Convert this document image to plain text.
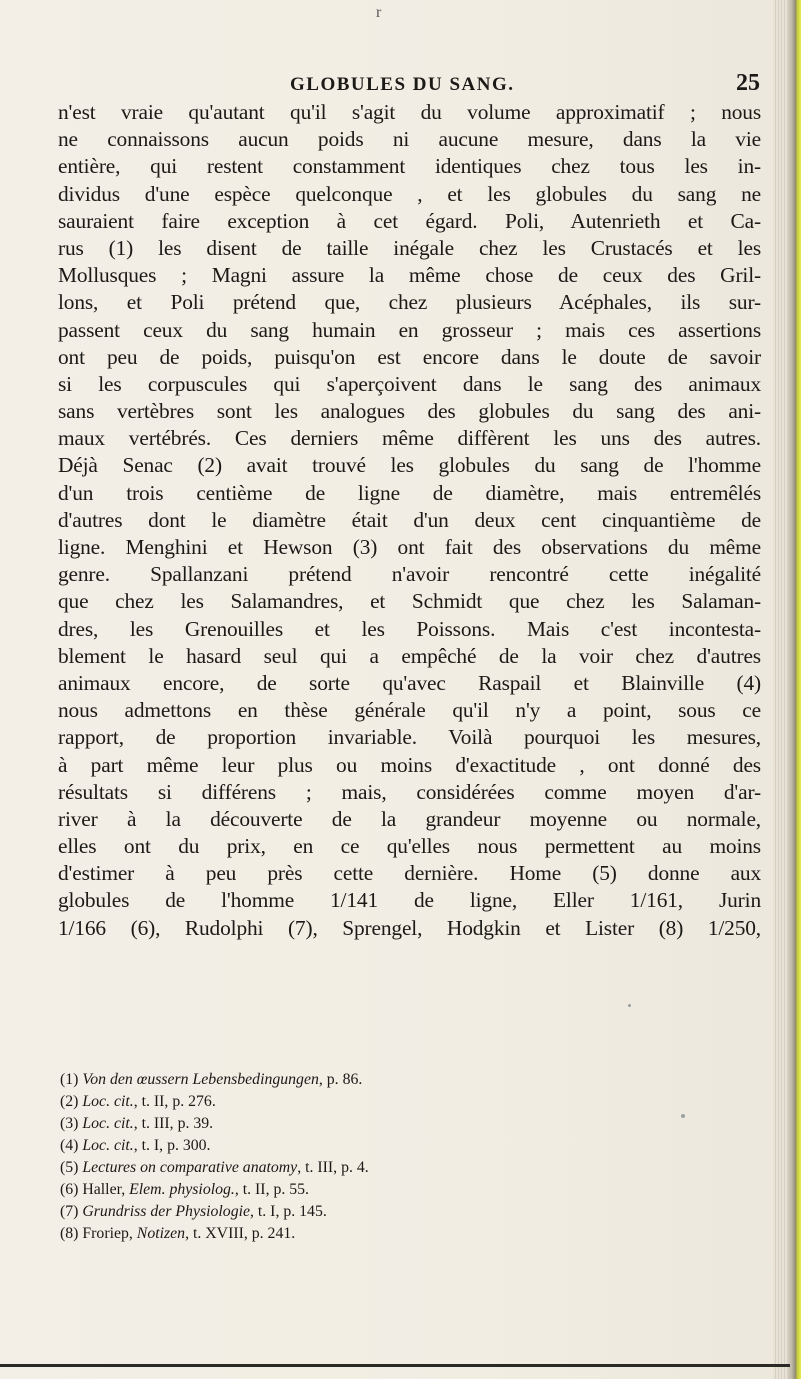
r
GLOBULES DU SANG.	25
n'est vraie qu'autant qu'il s'agit du volume approximatif ; nous
ne connaissons aucun poids ni aucune mesure, dans la vie
entière, qui restent constamment identiques chez tous les in-
dividus d'une espèce quelconque , et les globules du sang ne
sauraient faire exception à cet égard. Poli, Autenrieth et Ca-
rus (1) les disent de taille inégale chez les Crustacés et les
Mollusques ; Magni assure la même chose de ceux des Gril-
lons, et Poli prétend que, chez plusieurs Acéphales, ils sur-
passent ceux du sang humain en grosseur ; mais ces assertions
ont peu de poids, puisqu'on est encore dans le doute de savoir
si les corpuscules qui s'aperçoivent dans le sang des animaux
sans vertèbres sont les analogues des globules du sang des ani-
maux vertébrés. Ces derniers même diffèrent les uns des autres.
Déjà Senac (2) avait trouvé les globules du sang de l'homme
d'un trois centième de ligne de diamètre, mais entremêlés
d'autres dont le diamètre était d'un deux cent cinquantième de
ligne. Menghini et Hewson (3) ont fait des observations du même
genre. Spallanzani prétend n'avoir rencontré cette inégalité
que chez les Salamandres, et Schmidt que chez les Salaman-
dres, les Grenouilles et les Poissons. Mais c'est incontesta-
blement le hasard seul qui a empêché de la voir chez d'autres
animaux encore, de sorte qu'avec Raspail et Blainville (4)
nous admettons en thèse générale qu'il n'y a point, sous ce
rapport, de proportion invariable. Voilà pourquoi les mesures,
à part même leur plus ou moins d'exactitude , ont donné des
résultats si différens ; mais, considérées comme moyen d'ar-
river à la découverte de la grandeur moyenne ou normale,
elles ont du prix, en ce qu'elles nous permettent au moins
d'estimer à peu près cette dernière. Home (5) donne aux
globules de l'homme 1/141 de ligne, Eller 1/161, Jurin
1/166 (6), Rudolphi (7), Sprengel, Hodgkin et Lister (8) 1/250,
(1) Von den œussern Lebensbedingungen, p. 86.
(2) Loc. cit., t. II, p. 276.
(3) Loc. cit., t. III, p. 39.
(4) Loc. cit., t. I, p. 300.
(5) Lectures on comparative anatomy, t. III, p. 4.
(6) Haller, Elem. physiolog., t. II, p. 55.
(7) Grundriss der Physiologie, t. I, p. 145.
(8) Froriep, Notizen, t. XVIII, p. 241.
